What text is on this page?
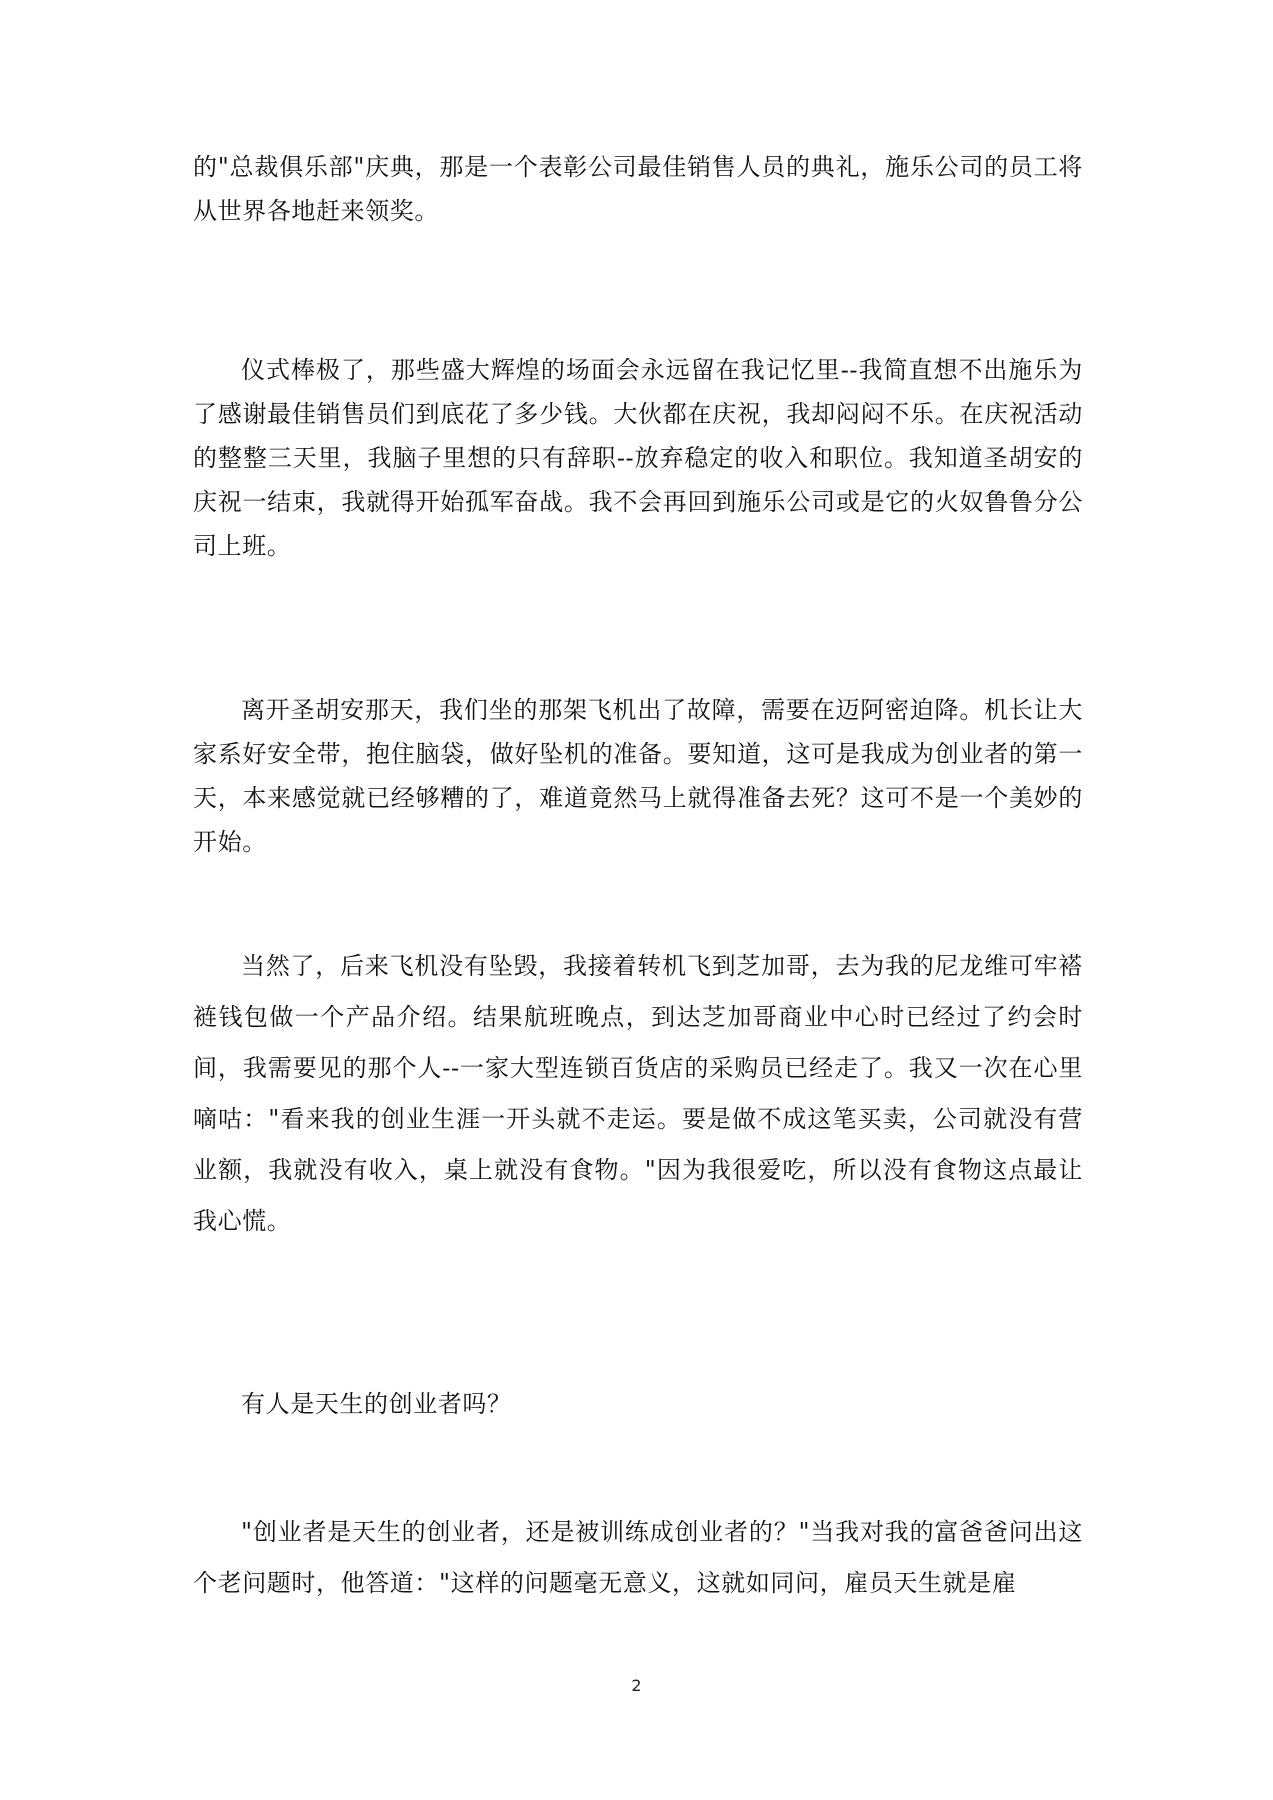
的"总裁俱乐部"庆典，那是一个表彰公司最佳销售人员的典礼，施乐公司的员工将从世界各地赶来领奖。

仪式棒极了，那些盛大辉煌的场面会永远留在我记忆里--我简直想不出施乐为了感谢最佳销售员们到底花了多少钱。大伙都在庆祝，我却闷闷不乐。在庆祝活动的整整三天里，我脑子里想的只有辞职--放弃稳定的收入和职位。我知道圣胡安的庆祝一结束，我就得开始孤军奋战。我不会再回到施乐公司或是它的火奴鲁鲁分公司上班。

离开圣胡安那天，我们坐的那架飞机出了故障，需要在迈阿密迫降。机长让大家系好安全带，抱住脑袋，做好坠机的准备。要知道，这可是我成为创业者的第一天，本来感觉就已经够糟的了，难道竟然马上就得准备去死？这可不是一个美妙的开始。

当然了，后来飞机没有坠毁，我接着转机飞到芝加哥，去为我的尼龙维可牢褡裢钱包做一个产品介绍。结果航班晚点，到达芝加哥商业中心时已经过了约会时间，我需要见的那个人--一家大型连锁百货店的采购员已经走了。我又一次在心里嘀咕："看来我的创业生涯一开头就不走运。要是做不成这笔买卖，公司就没有营业额，我就没有收入，桌上就没有食物。"因为我很爱吃，所以没有食物这点最让我心慌。

有人是天生的创业者吗？

"创业者是天生的创业者，还是被训练成创业者的？"当我对我的富爸爸问出这个老问题时，他答道："这样的问题毫无意义，这就如同问，雇员天生就是雇

2
